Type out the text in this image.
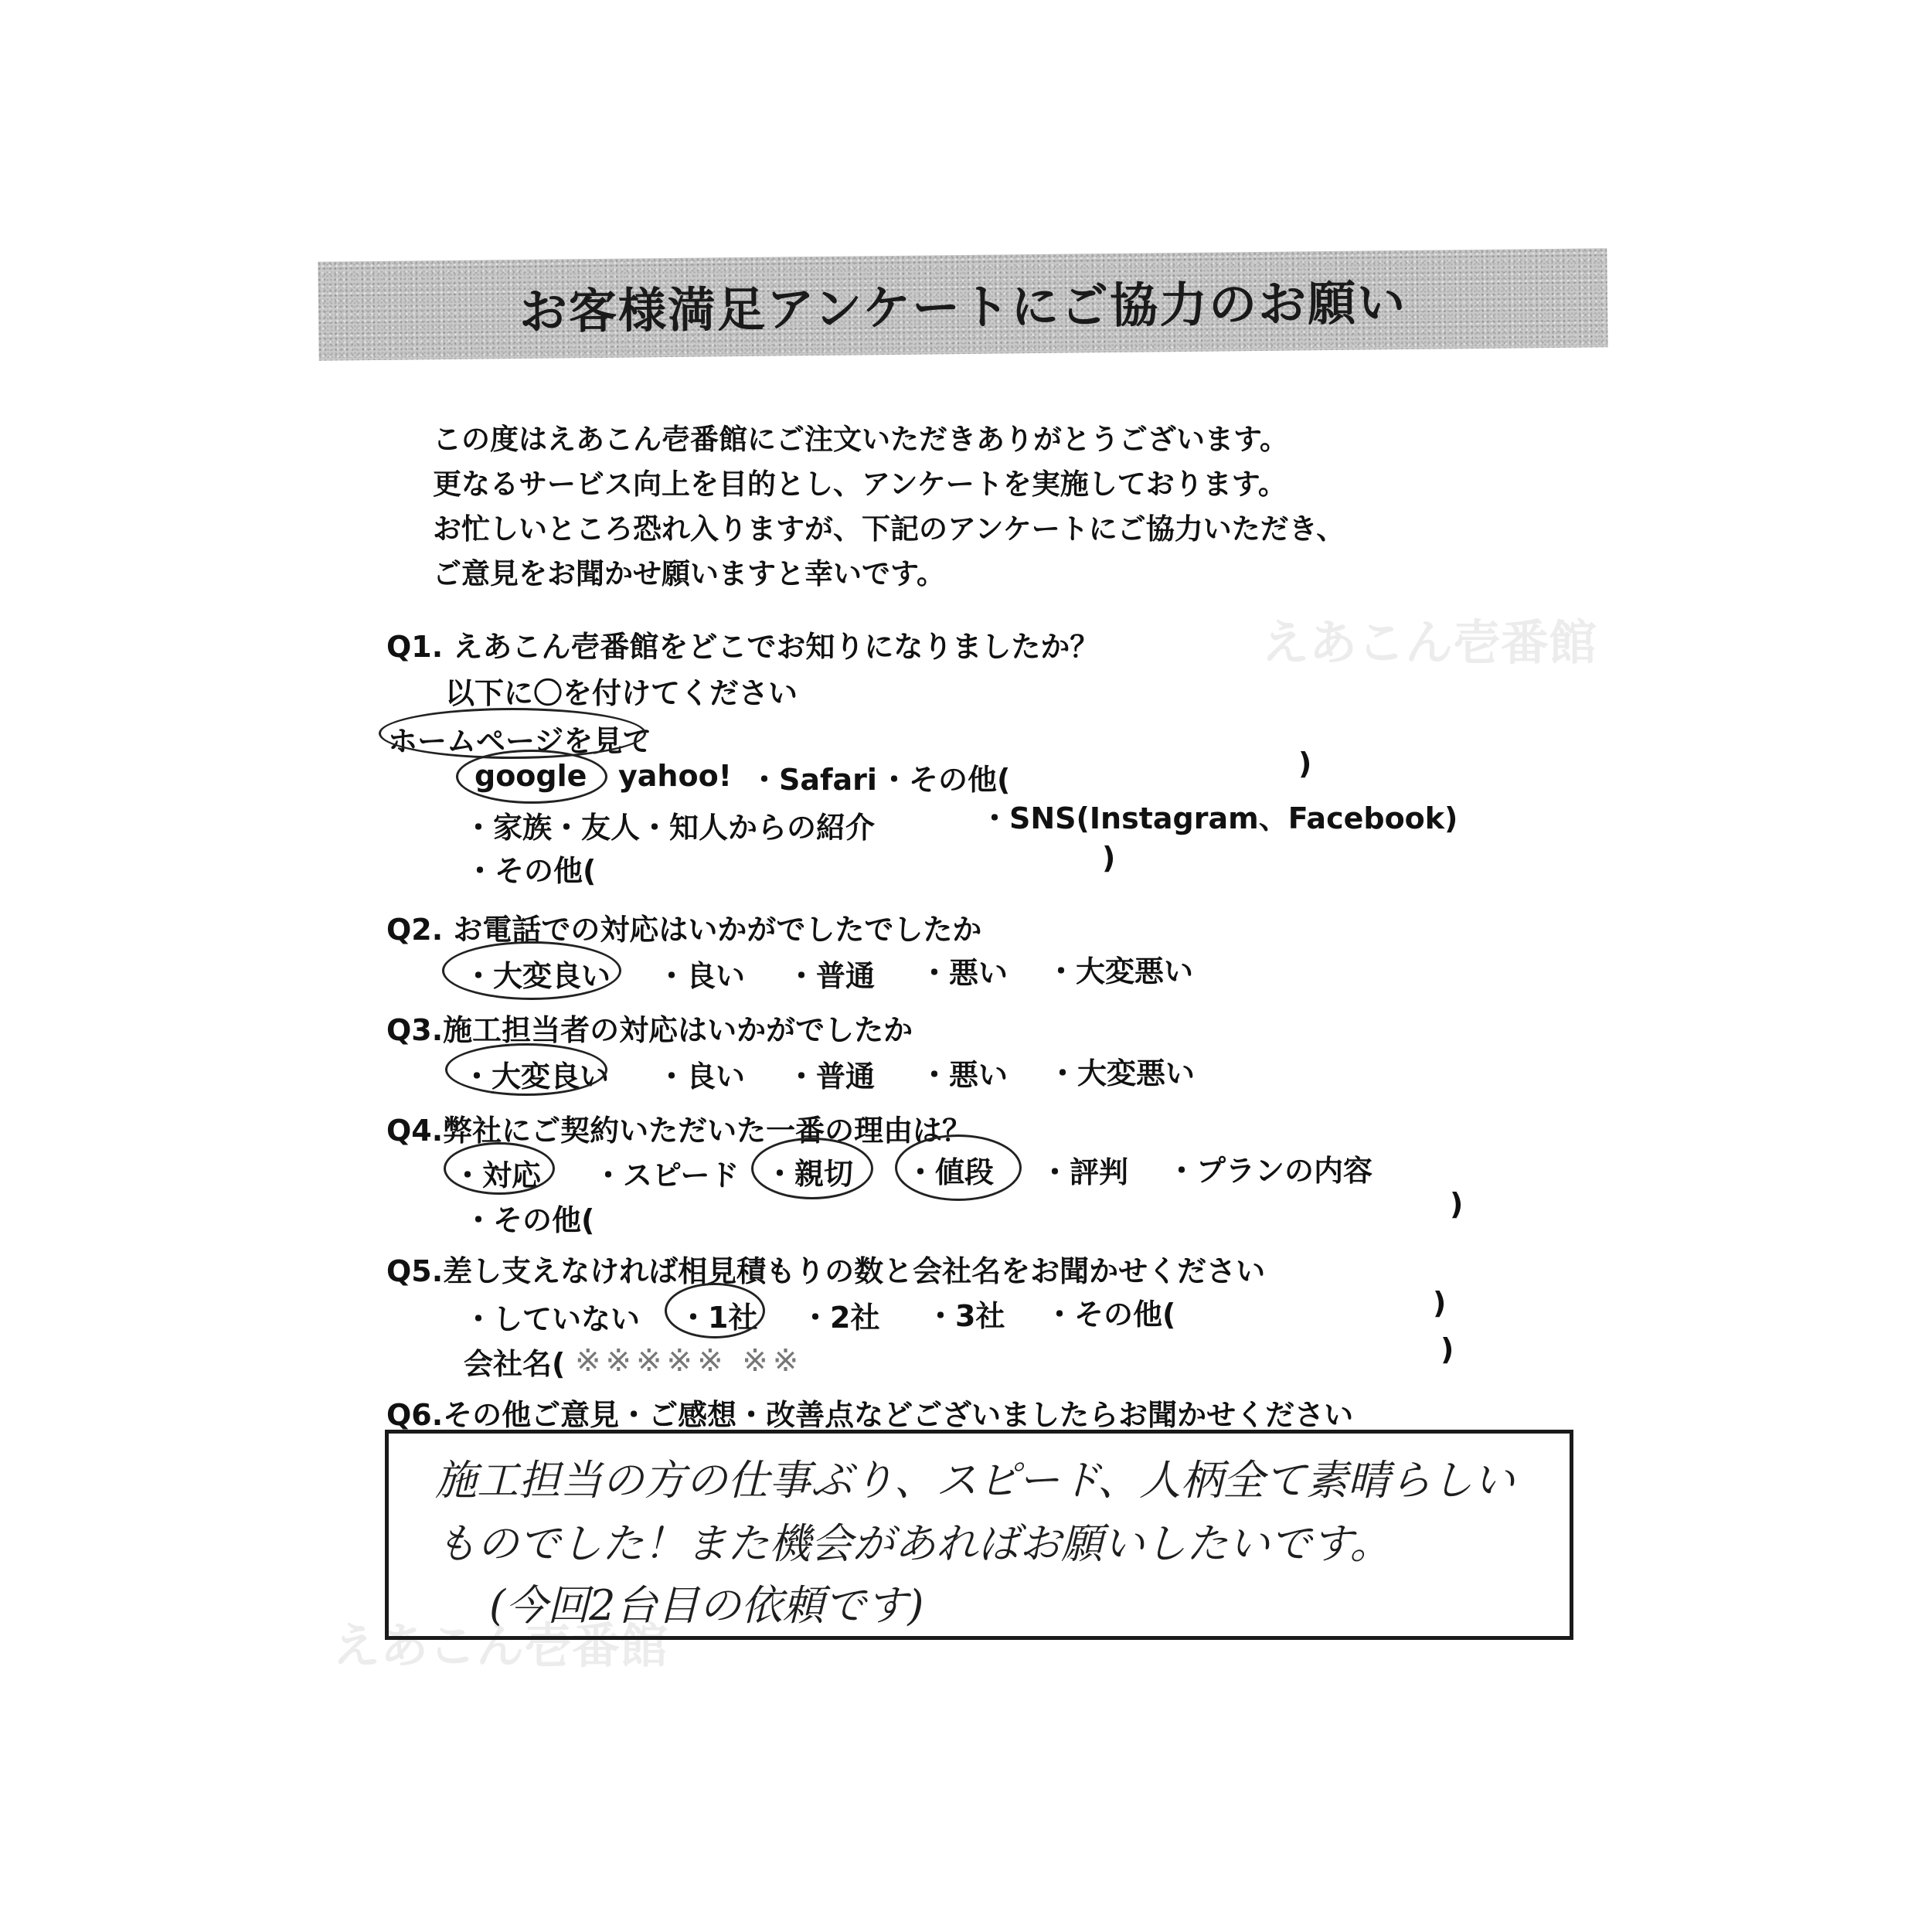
お客様満足アンケートにご協力のお願い
この度はえあこん壱番館にご注文いただきありがとうございます。
更なるサービス向上を目的とし、アンケートを実施しております。
お忙しいところ恐れ入りますが、下記のアンケートにご協力いただき、
ご意見をお聞かせ願いますと幸いです。
えあこん壱番館
えあこん壱番館
Q1. えあこん壱番館をどこでお知りになりましたか？
以下に〇を付けてください
ホームページを見て
google yahoo! ・Safari ・その他(	)
・家族・友人・知人からの紹介	・SNS(Instagram、Facebook)
・その他(	)
Q2. お電話での対応はいかがでしたでしたか
・大変良い ・良い ・普通 ・悪い ・大変悪い
Q3.施工担当者の対応はいかがでしたか
・大変良い ・良い ・普通 ・悪い ・大変悪い
Q4.弊社にご契約いただいた一番の理由は？
・対応 ・スピード ・親切 ・値段 ・評判 ・プランの内容
・その他(	)
Q5.差し支えなければ相見積もりの数と会社名をお聞かせください
・していない ・1社 ・2社 ・3社 ・その他(	)
会社名( ※※※※※ ※※	)
Q6.その他ご意見・ご感想・改善点などございましたらお聞かせください
施工担当の方の仕事ぶり、スピード、人柄全て素晴らしい
ものでした！また機会があればお願いしたいです。
(今回2台目の依頼です)
